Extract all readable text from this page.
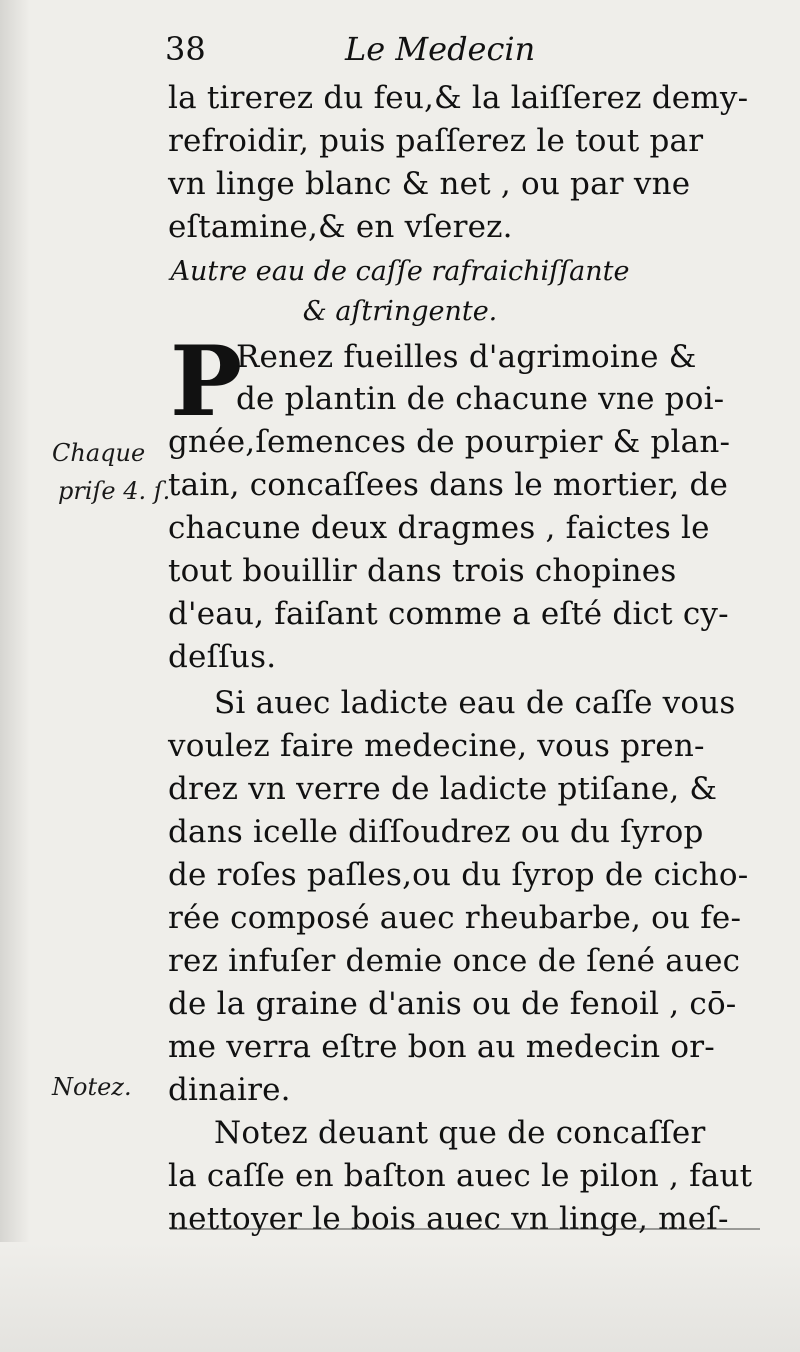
38	Le Medecin
la tirerez du feu,& la laiſſerez demy-
refroidir, puis paſſerez le tout par
vn linge blanc & net , ou par vne
eſtamine,& en vſerez.
Autre eau de caſſe rafraichiſſante
& aſtringente.
P
Renez fueilles d'agrimoine &
de plantin de chacune vne poi-
gnée,ſemences de pourpier & plan-
tain, concaſſees dans le mortier, de
chacune deux dragmes , faictes le
tout bouillir dans trois chopines
d'eau, faiſant comme a eſté dict cy-
deſſus.
Si auec ladicte eau de caſſe vous
voulez faire medecine, vous pren-
drez vn verre de ladicte ptiſane, &
dans icelle diſſoudrez ou du ſyrop
de roſes paſles,ou du ſyrop de cicho-
rée composé auec rheubarbe, ou fe-
rez infuſer demie once de ſené auec
de la graine d'anis ou de fenoil , cō-
me verra eſtre bon au medecin or-
dinaire.
Notez deuant que de concaſſer
la caſſe en baſton auec le pilon , faut
nettoyer le bois auec vn linge, meſ-
Chaque
priſe 4. ſ.
Notez.
